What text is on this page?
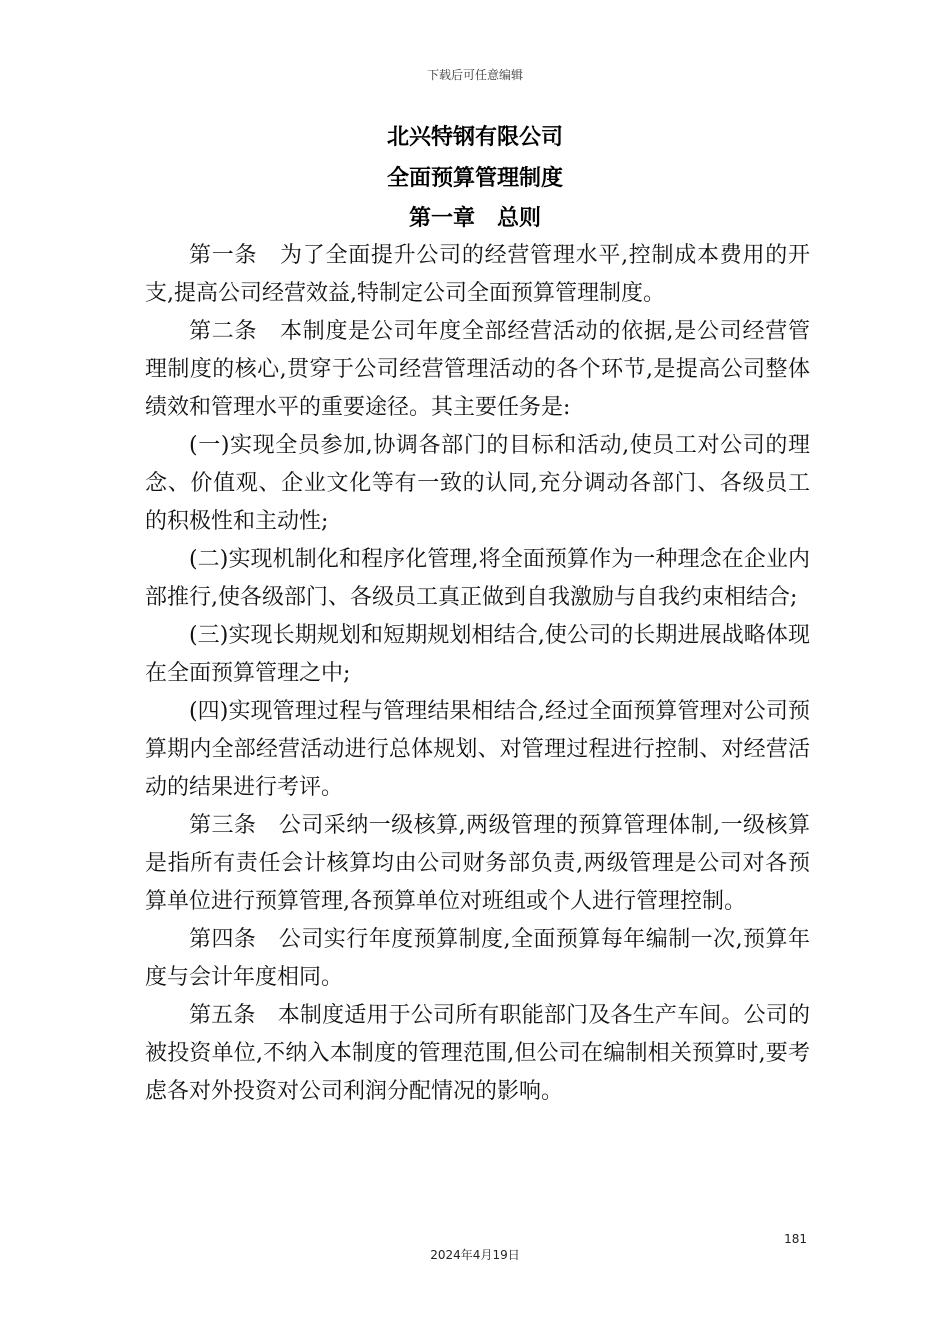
下载后可任意编辑
北兴特钢有限公司
全面预算管理制度
第一章　总则

第一条　为了全面提升公司的经营管理水平,控制成本费用的开支,提高公司经营效益,特制定公司全面预算管理制度。

第二条　本制度是公司年度全部经营活动的依据,是公司经营管理制度的核心,贯穿于公司经营管理活动的各个环节,是提高公司整体绩效和管理水平的重要途径。其主要任务是:

(一)实现全员参加,协调各部门的目标和活动,使员工对公司的理念、价值观、企业文化等有一致的认同,充分调动各部门、各级员工的积极性和主动性;

(二)实现机制化和程序化管理,将全面预算作为一种理念在企业内部推行,使各级部门、各级员工真正做到自我激励与自我约束相结合;

(三)实现长期规划和短期规划相结合,使公司的长期进展战略体现在全面预算管理之中;

(四)实现管理过程与管理结果相结合,经过全面预算管理对公司预算期内全部经营活动进行总体规划、对管理过程进行控制、对经营活动的结果进行考评。

第三条　公司采纳一级核算,两级管理的预算管理体制,一级核算是指所有责任会计核算均由公司财务部负责,两级管理是公司对各预算单位进行预算管理,各预算单位对班组或个人进行管理控制。

第四条　公司实行年度预算制度,全面预算每年编制一次,预算年度与会计年度相同。

第五条　本制度适用于公司所有职能部门及各生产车间。公司的被投资单位,不纳入本制度的管理范围,但公司在编制相关预算时,要考虑各对外投资对公司利润分配情况的影响。

181
2024年4月19日
